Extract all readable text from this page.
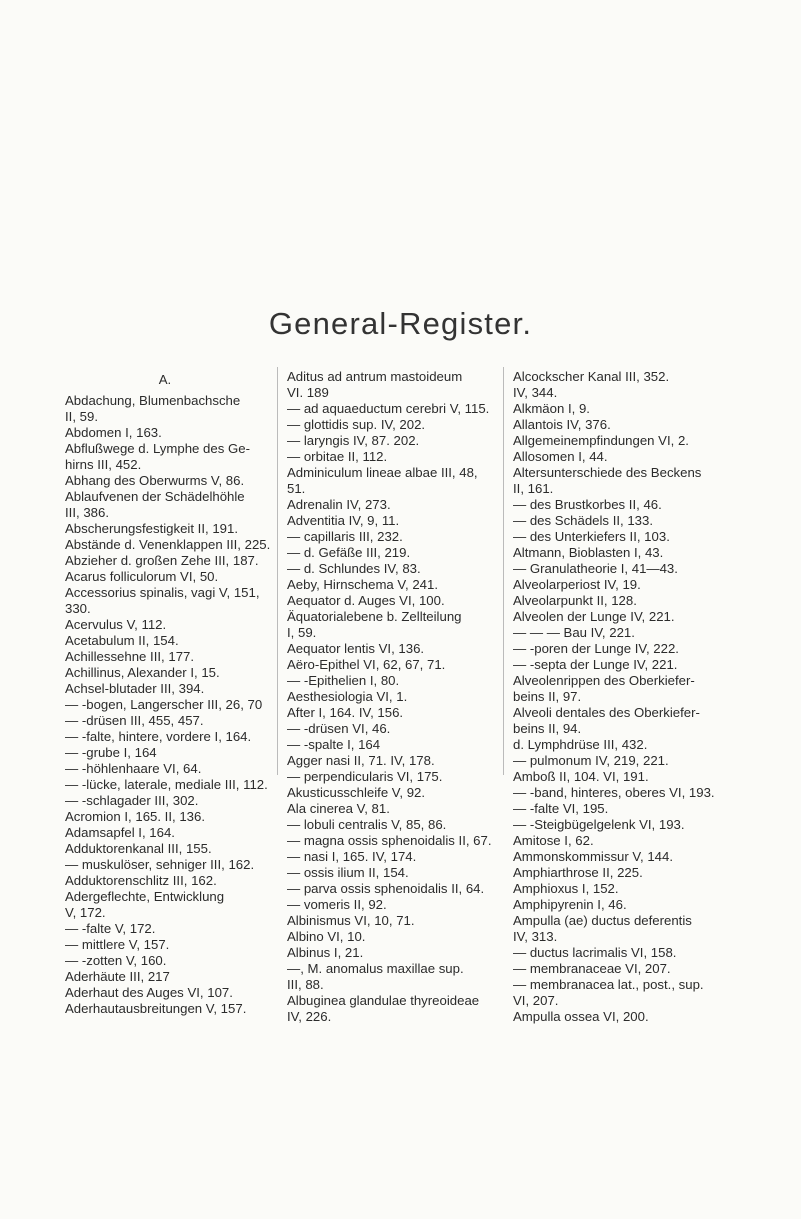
General-Register.
A.
Abdachung, Blumenbachsche
II, 59.
Abdomen I, 163.
Abflußwege d. Lymphe des Ge-
hirns III, 452.
Abhang des Oberwurms V, 86.
Ablaufvenen der Schädelhöhle
III, 386.
Abscherungsfestigkeit II, 191.
Abstände d. Venenklappen III, 225.
Abzieher d. großen Zehe III, 187.
Acarus folliculorum VI, 50.
Accessorius spinalis, vagi V, 151,
330.
Acervulus V, 112.
Acetabulum II, 154.
Achillessehne III, 177.
Achillinus, Alexander I, 15.
Achsel-blutader III, 394.
— -bogen, Langerscher III, 26, 70
— -drüsen III, 455, 457.
— -falte, hintere, vordere I, 164.
— -grube I, 164
— -höhlenhaare VI, 64.
— -lücke, laterale, mediale III, 112.
— -schlagader III, 302.
Acromion I, 165. II, 136.
Adamsapfel I, 164.
Adduktorenkanal III, 155.
— muskulöser, sehniger III, 162.
Adduktorenschlitz III, 162.
Adergeflechte, Entwicklung
V, 172.
— -falte V, 172.
— mittlere V, 157.
— -zotten V, 160.
Aderhäute III, 217
Aderhaut des Auges VI, 107.
Aderhautausbreitungen V, 157.
Aditus ad antrum mastoideum
VI. 189
— ad aquaeductum cerebri V, 115.
— glottidis sup. IV, 202.
— laryngis IV, 87. 202.
— orbitae II, 112.
Adminiculum lineae albae III, 48,
51.
Adrenalin IV, 273.
Adventitia IV, 9, 11.
— capillaris III, 232.
— d. Gefäße III, 219.
— d. Schlundes IV, 83.
Aeby, Hirnschema V, 241.
Aequator d. Auges VI, 100.
Äquatorialebene b. Zellteilung
I, 59.
Aequator lentis VI, 136.
Aëro-Epithel VI, 62, 67, 71.
— -Epithelien I, 80.
Aesthesiologia VI, 1.
After I, 164. IV, 156.
— -drüsen VI, 46.
— -spalte I, 164
Agger nasi II, 71. IV, 178.
— perpendicularis VI, 175.
Akusticusschleife V, 92.
Ala cinerea V, 81.
— lobuli centralis V, 85, 86.
— magna ossis sphenoidalis II, 67.
— nasi I, 165. IV, 174.
— ossis ilium II, 154.
— parva ossis sphenoidalis II, 64.
— vomeris II, 92.
Albinismus VI, 10, 71.
Albino VI, 10.
Albinus I, 21.
—, M. anomalus maxillae sup.
III, 88.
Albuginea glandulae thyreoideae
IV, 226.
Alcockscher Kanal III, 352.
IV, 344.
Alkmäon I, 9.
Allantois IV, 376.
Allgemeinempfindungen VI, 2.
Allosomen I, 44.
Altersunterschiede des Beckens
II, 161.
— des Brustkorbes II, 46.
— des Schädels II, 133.
— des Unterkiefers II, 103.
Altmann, Bioblasten I, 43.
— Granulatheorie I, 41—43.
Alveolarperiost IV, 19.
Alveolarpunkt II, 128.
Alveolen der Lunge IV, 221.
— — — Bau IV, 221.
— -poren der Lunge IV, 222.
— -septa der Lunge IV, 221.
Alveolenrippen des Oberkiefer-
beins II, 97.
Alveoli dentales des Oberkiefer-
beins II, 94.
d. Lymphdrüse III, 432.
— pulmonum IV, 219, 221.
Amboß II, 104. VI, 191.
— -band, hinteres, oberes VI, 193.
— -falte VI, 195.
— -Steigbügelgelenk VI, 193.
Amitose I, 62.
Ammonskommissur V, 144.
Amphiarthrose II, 225.
Amphioxus I, 152.
Amphipyrenin I, 46.
Ampulla (ae) ductus deferentis
IV, 313.
— ductus lacrimalis VI, 158.
— membranaceae VI, 207.
— membranacea lat., post., sup.
VI, 207.
Ampulla ossea VI, 200.
